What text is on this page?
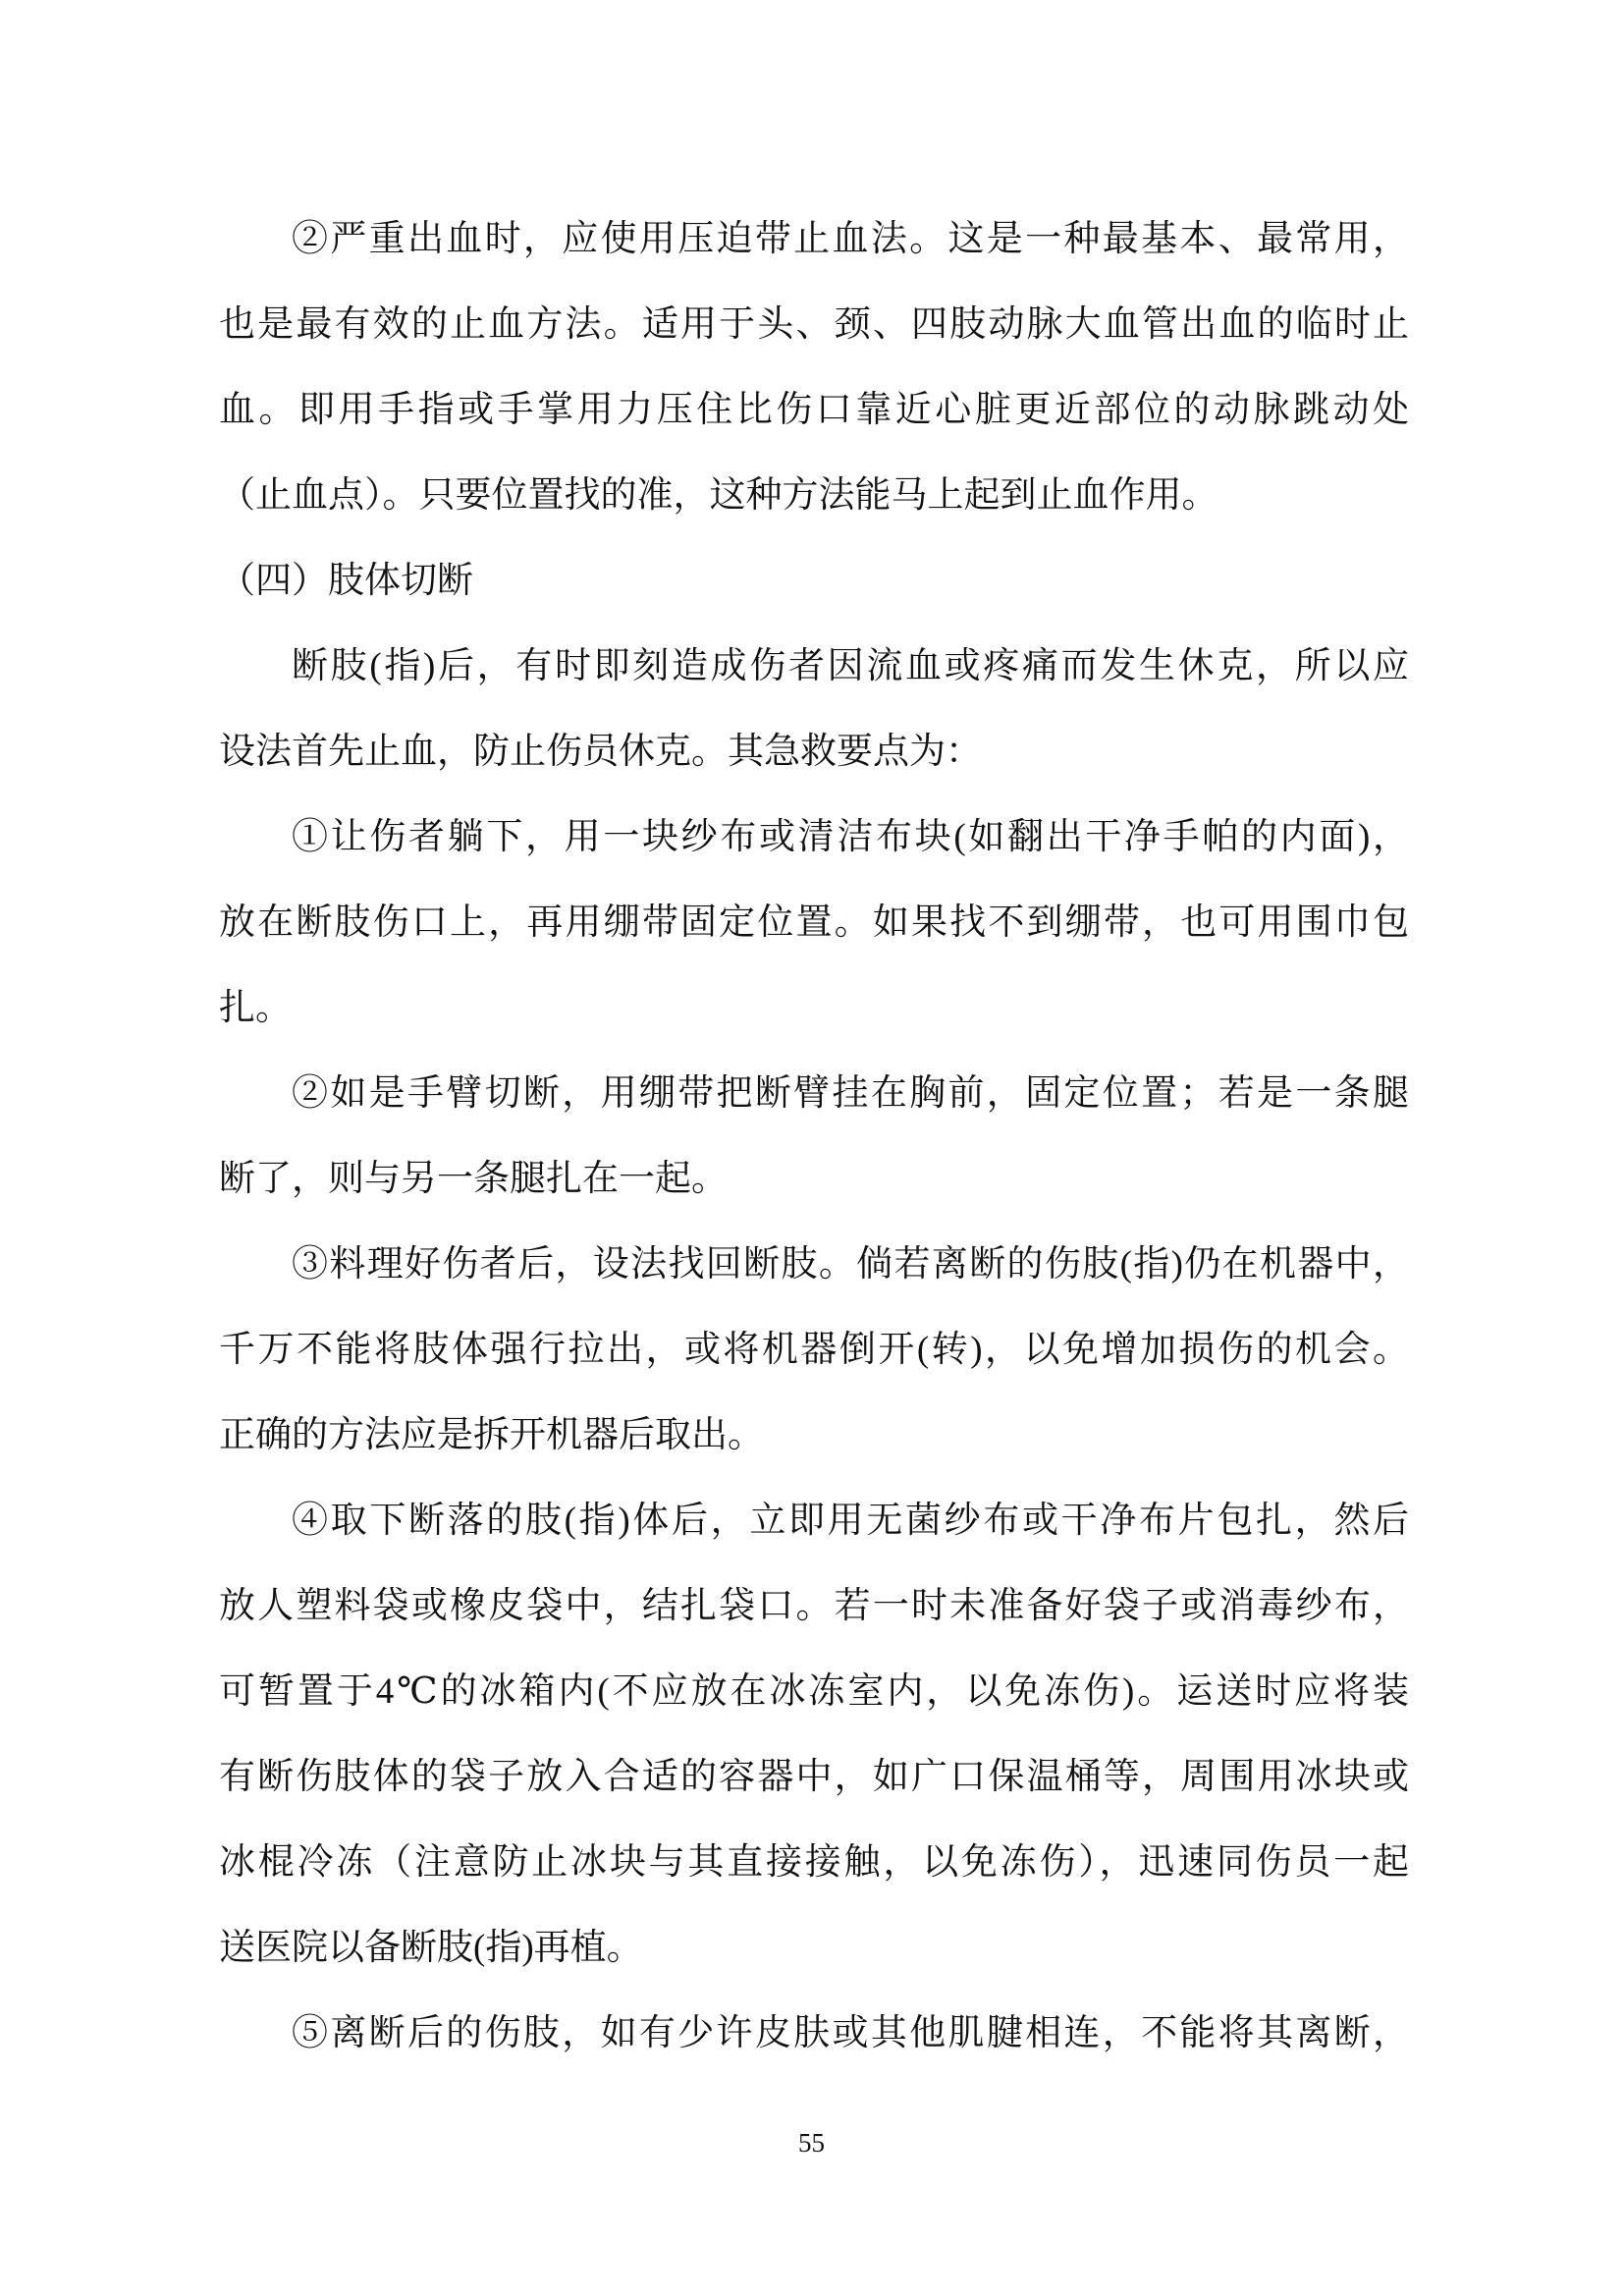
②严重出血时，应使用压迫带止血法。这是一种最基本、最常用，
也是最有效的止血方法。适用于头、颈、四肢动脉大血管出血的临时止
血。即用手指或手掌用力压住比伤口靠近心脏更近部位的动脉跳动处
（止血点）。只要位置找的准，这种方法能马上起到止血作用。
（四）肢体切断
断肢(指)后，有时即刻造成伤者因流血或疼痛而发生休克，所以应
设法首先止血，防止伤员休克。其急救要点为：
①让伤者躺下，用一块纱布或清洁布块(如翻出干净手帕的内面)，
放在断肢伤口上，再用绷带固定位置。如果找不到绷带，也可用围巾包
扎。
②如是手臂切断，用绷带把断臂挂在胸前，固定位置；若是一条腿
断了，则与另一条腿扎在一起。
③料理好伤者后，设法找回断肢。倘若离断的伤肢(指)仍在机器中，
千万不能将肢体强行拉出，或将机器倒开(转)，以免增加损伤的机会。
正确的方法应是拆开机器后取出。
④取下断落的肢(指)体后，立即用无菌纱布或干净布片包扎，然后
放人塑料袋或橡皮袋中，结扎袋口。若一时未准备好袋子或消毒纱布，
可暂置于4℃的冰箱内(不应放在冰冻室内，以免冻伤)。运送时应将装
有断伤肢体的袋子放入合适的容器中，如广口保温桶等，周围用冰块或
冰棍冷冻（注意防止冰块与其直接接触，以免冻伤），迅速同伤员一起
送医院以备断肢(指)再植。
⑤离断后的伤肢，如有少许皮肤或其他肌腱相连，不能将其离断，
55
